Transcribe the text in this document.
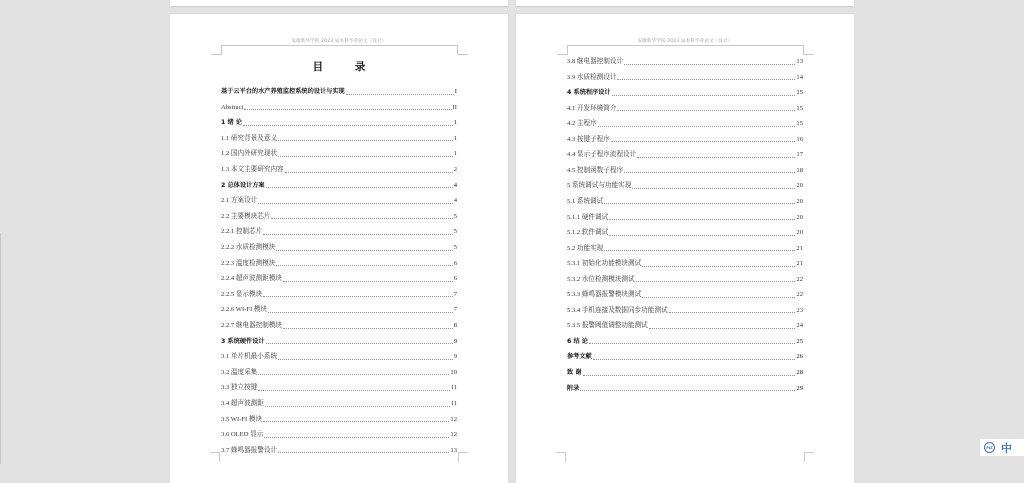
安徽新华学院 2023 届本科毕业论文（设计）
目 录
基于云平台的水产养殖监控系统的设计与实现	I
Abstract	II
1 绪 论	1
1.1 研究背景及意义	1
1.2 国内外研究现状	1
1.3 本文主要研究内容	2
2 总体设计方案	4
2.1 方案设计	4
2.2 主要模块芯片	5
2.2.1 控制芯片	5
2.2.2 水质检测模块	5
2.2.3 温度检测模块	6
2.2.4 超声波测距模块	6
2.2.5 显示模块	7
2.2.6 WI-FI 模块	7
2.2.7 继电器控制模块	8
3 系统硬件设计	9
3.1 单片机最小系统	9
3.2 温度采集	10
3.3 独立按键	11
3.4 超声波测距	11
3.5 WI-FI 模块	12
3.6 OLED 显示	12
3.7 蜂鸣器报警设计	13
安徽新华学院 2023 届本科毕业论文（设计）
3.8 继电器控制设计	13
3.9 水质检测设计	14
4 系统程序设计	15
4.1 开发环境简介	15
4.2 主程序	15
4.3 按键子程序	16
4.4 显示子程序流程设计	17
4.5 控制函数子程序	18
5 系统调试与功能实现	20
5.1 系统调试	20
5.1.1 硬件调试	20
5.1.2 软件调试	20
5.2 功能实现	21
5.3.1 初始化功能模块测试	21
5.3.2 水位检测模块测试	22
5.3.3 蜂鸣器报警模块测试	22
5.3.4 手机连接及数据同步功能测试	23
5.3.5 报警阈值调整功能测试	24
6 结 论	25
参考文献	26
致 谢	28
附录	29
PLT 中
